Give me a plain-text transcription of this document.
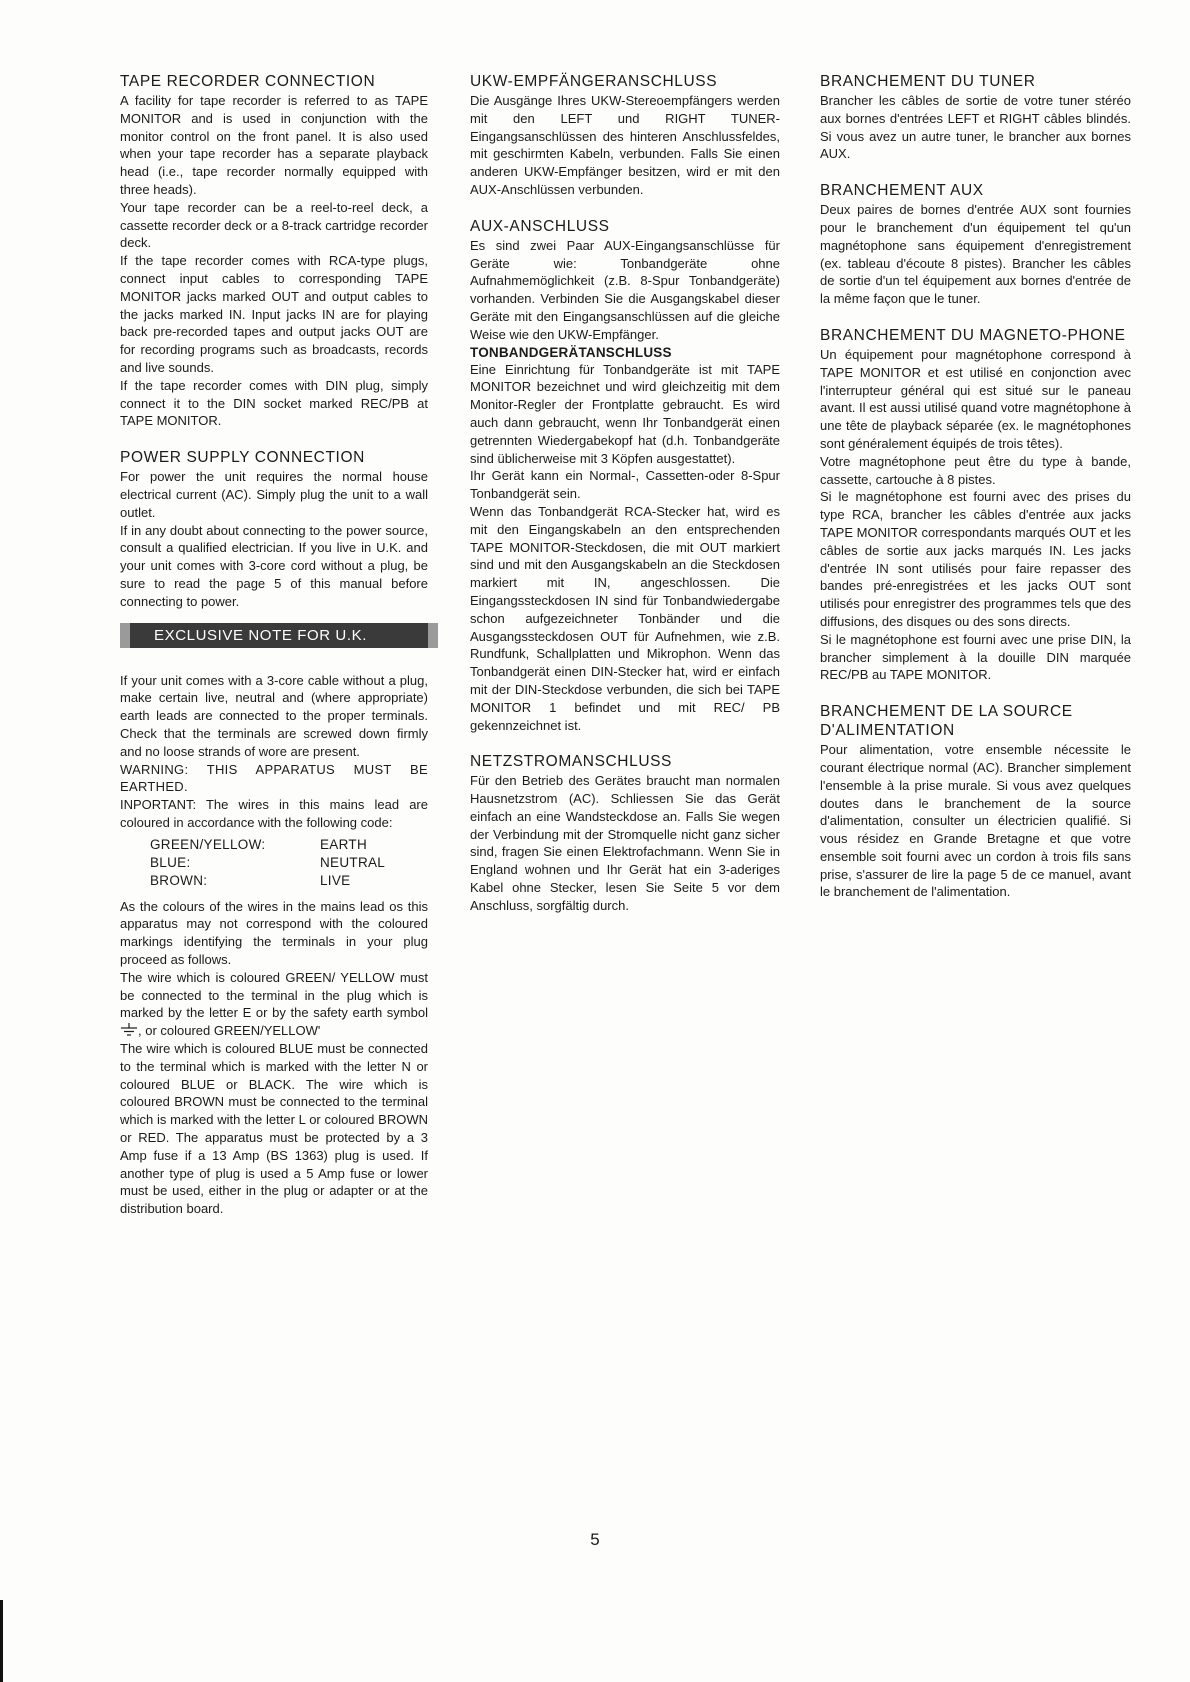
TAPE RECORDER CONNECTION

A facility for tape recorder is referred to as TAPE MONITOR and is used in conjunction with the monitor control on the front panel. It is also used when your tape recorder has a separate playback head (i.e., tape recorder normally equipped with three heads).

Your tape recorder can be a reel-to-reel deck, a cassette recorder deck or a 8-track cartridge recorder deck.

If the tape recorder comes with RCA-type plugs, connect input cables to corresponding TAPE MONITOR jacks marked OUT and output cables to the jacks marked IN. Input jacks IN are for playing back pre-recorded tapes and output jacks OUT are for recording programs such as broadcasts, records and live sounds.

If the tape recorder comes with DIN plug, simply connect it to the DIN socket marked REC/PB at TAPE MONITOR.

POWER SUPPLY CONNECTION

For power the unit requires the normal house electrical current (AC). Simply plug the unit to a wall outlet.

If in any doubt about connecting to the power source, consult a qualified electrician. If you live in U.K. and your unit comes with 3-core cord without a plug, be sure to read the page 5 of this manual before connecting to power.

EXCLUSIVE NOTE FOR U.K.

If your unit comes with a 3-core cable without a plug, make certain live, neutral and (where appropriate) earth leads are connected to the proper terminals. Check that the terminals are screwed down firmly and no loose strands of wore are present.

WARNING: THIS APPARATUS MUST BE EARTHED.

INPORTANT: The wires in this mains lead are coloured in accordance with the following code:

GREEN/YELLOW:	EARTH
BLUE:	NEUTRAL
BROWN:	LIVE

As the colours of the wires in the mains lead os this apparatus may not correspond with the coloured markings identifying the terminals in your plug proceed as follows.

The wire which is coloured GREEN/ YELLOW must be connected to the terminal in the plug which is marked by the letter E or by the safety earth symbol , or coloured GREEN/YELLOW'

The wire which is coloured BLUE must be connected to the terminal which is marked with the letter N or coloured BLUE or BLACK. The wire which is coloured BROWN must be connected to the terminal which is marked with the letter L or coloured BROWN or RED. The apparatus must be protected by a 3 Amp fuse if a 13 Amp (BS 1363) plug is used. If another type of plug is used a 5 Amp fuse or lower must be used, either in the plug or adapter or at the distribution board.

UKW-EMPFÄNGERANSCHLUSS

Die Ausgänge Ihres UKW-Stereoempfängers werden mit den LEFT und RIGHT TUNER-Eingangsanschlüssen des hinteren Anschlussfeldes, mit geschirmten Kabeln, verbunden. Falls Sie einen anderen UKW-Empfänger besitzen, wird er mit den AUX-Anschlüssen verbunden.

AUX-ANSCHLUSS

Es sind zwei Paar AUX-Eingangsanschlüsse für Geräte wie: Tonbandgeräte ohne Aufnahmemöglichkeit (z.B. 8-Spur Tonbandgeräte) vorhanden. Verbinden Sie die Ausgangskabel dieser Geräte mit den Eingangsanschlüssen auf die gleiche Weise wie den UKW-Empfänger.

TONBANDGERÄTANSCHLUSS

Eine Einrichtung für Tonbandgeräte ist mit TAPE MONITOR bezeichnet und wird gleichzeitig mit dem Monitor-Regler der Frontplatte gebraucht. Es wird auch dann gebraucht, wenn Ihr Tonbandgerät einen getrennten Wiedergabekopf hat (d.h. Tonbandgeräte sind üblicherweise mit 3 Köpfen ausgestattet).

Ihr Gerät kann ein Normal-, Cassetten-oder 8-Spur Tonbandgerät sein.

Wenn das Tonbandgerät RCA-Stecker hat, wird es mit den Eingangskabeln an den entsprechenden TAPE MONITOR-Steckdosen, die mit OUT markiert sind und mit den Ausgangskabeln an die Steckdosen markiert mit IN, angeschlossen. Die Eingangssteckdosen IN sind für Tonbandwiedergabe schon aufgezeichneter Tonbänder und die Ausgangssteckdosen OUT für Aufnehmen, wie z.B. Rundfunk, Schallplatten und Mikrophon. Wenn das Tonbandgerät einen DIN-Stecker hat, wird er einfach mit der DIN-Steckdose verbunden, die sich bei TAPE MONITOR 1 befindet und mit REC/ PB gekennzeichnet ist.

NETZSTROMANSCHLUSS

Für den Betrieb des Gerätes braucht man normalen Hausnetzstrom (AC). Schliessen Sie das Gerät einfach an eine Wandsteckdose an. Falls Sie wegen der Verbindung mit der Stromquelle nicht ganz sicher sind, fragen Sie einen Elektrofachmann. Wenn Sie in England wohnen und Ihr Gerät hat ein 3-aderiges Kabel ohne Stecker, lesen Sie Seite 5 vor dem Anschluss, sorgfältig durch.

BRANCHEMENT DU TUNER

Brancher les câbles de sortie de votre tuner stéréo aux bornes d'entrées LEFT et RIGHT câbles blindés. Si vous avez un autre tuner, le brancher aux bornes AUX.

BRANCHEMENT AUX

Deux paires de bornes d'entrée AUX sont fournies pour le branchement d'un équipement tel qu'un magnétophone sans équipement d'enregistrement (ex. tableau d'écoute 8 pistes). Brancher les câbles de sortie d'un tel équipement aux bornes d'entrée de la même façon que le tuner.

BRANCHEMENT DU MAGNETO-PHONE

Un équipement pour magnétophone correspond à TAPE MONITOR et est utilisé en conjonction avec l'interrupteur général qui est situé sur le paneau avant. Il est aussi utilisé quand votre magnétophone à une tête de playback séparée (ex. le magnétophones sont généralement équipés de trois têtes).

Votre magnétophone peut être du type à bande, cassette, cartouche à 8 pistes.

Si le magnétophone est fourni avec des prises du type RCA, brancher les câbles d'entrée aux jacks TAPE MONITOR correspondants marqués OUT et les câbles de sortie aux jacks marqués IN. Les jacks d'entrée IN sont utilisés pour faire repasser des bandes pré-enregistrées et les jacks OUT sont utilisés pour enregistrer des programmes tels que des diffusions, des disques ou des sons directs.

Si le magnétophone est fourni avec une prise DIN, la brancher simplement à la douille DIN marquée REC/PB au TAPE MONITOR.

BRANCHEMENT DE LA SOURCE D'ALIMENTATION

Pour alimentation, votre ensemble nécessite le courant électrique normal (AC). Brancher simplement l'ensemble à la prise murale. Si vous avez quelques doutes dans le branchement de la source d'alimentation, consulter un électricien qualifié. Si vous résidez en Grande Bretagne et que votre ensemble soit fourni avec un cordon à trois fils sans prise, s'assurer de lire la page 5 de ce manuel, avant le branchement de l'alimentation.

5
